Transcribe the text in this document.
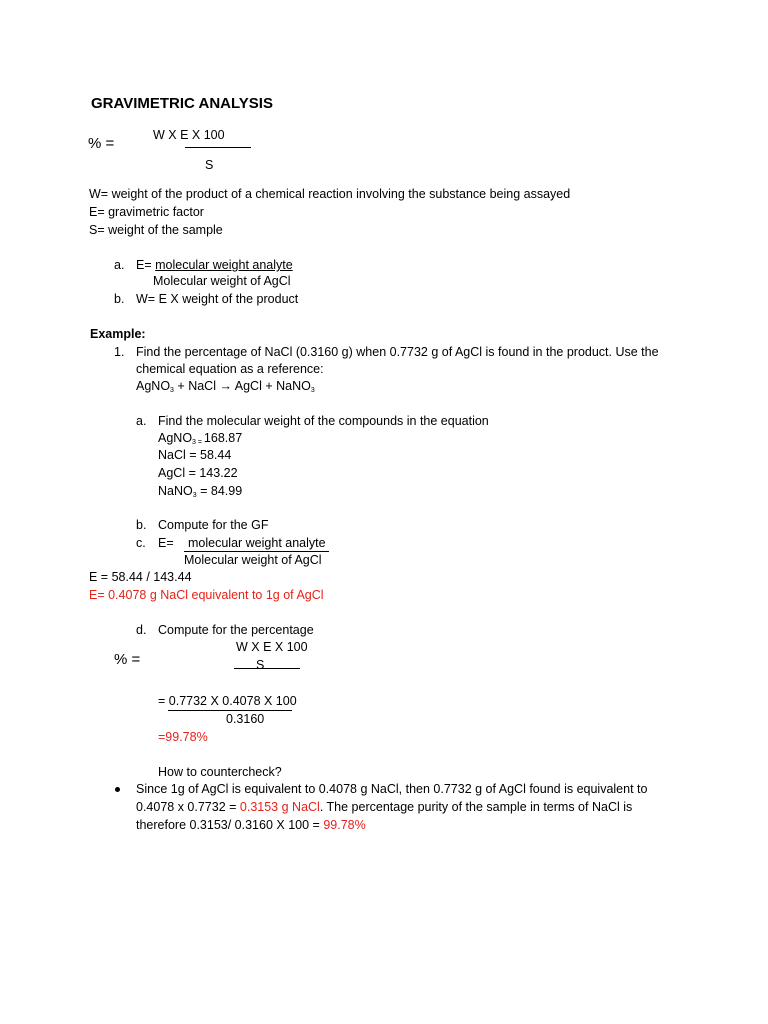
GRAVIMETRIC ANALYSIS
% =	W X E X 100
S
W= weight of the product of a chemical reaction involving the substance being assayed
E= gravimetric factor
S= weight of the sample
a. E= molecular weight analyte
Molecular weight of AgCl
b. W= E X weight of the product
Example:
1. Find the percentage of NaCl (0.3160 g) when 0.7732 g of AgCl is found in the product. Use the
chemical equation as a reference:
AgNO$_3$ + NaCl → AgCl + NaNO$_3$
a. Find the molecular weight of the compounds in the equation
AgNO$_{3 =}$ 168.87
NaCl = 58.44
AgCl = 143.22
NaNO$_3$ = 84.99
b. Compute for the GF
c. E= molecular weight analyte
Molecular weight of AgCl
E = 58.44 / 143.44
E= 0.4078 g NaCl equivalent to 1g of AgCl
d. Compute for the percentage
W X E X 100
% =	S
= 0.7732 X 0.4078 X 100
0.3160
=99.78%
How to countercheck?
Since 1g of AgCl is equivalent to 0.4078 g NaCl, then 0.7732 g of AgCl found is equivalent to
0.4078 x 0.7732 = 0.3153 g NaCl. The percentage purity of the sample in terms of NaCl is
therefore 0.3153/ 0.3160 X 100 = 99.78%
